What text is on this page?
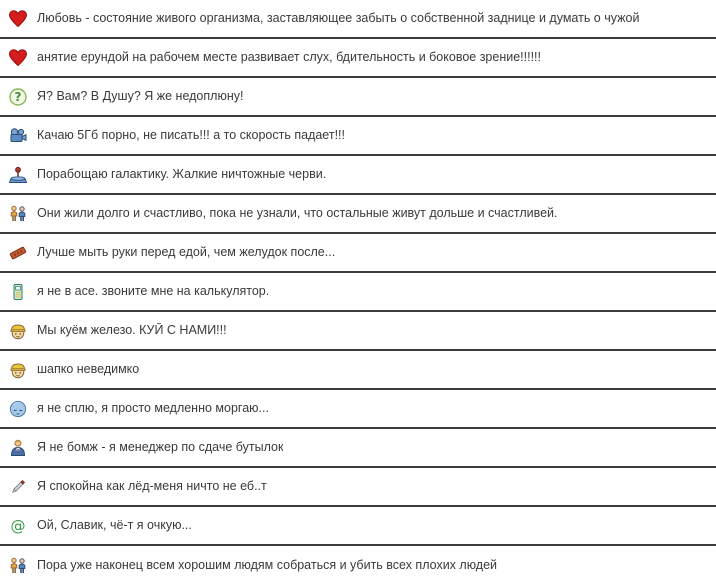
Любовь - состояние живого организма, заставляющее забыть о собственной заднице и думать о чужой
анятие ерундой на рабочем месте развивает слух, бдительность и боковое зрение!!!!!!
? Я? Вам? В Душу? Я же недоплюну!
Качаю 5Гб порно, не писать!!! а то скорость падает!!!
Порабощаю галактику. Жалкие ничтожные черви.
Они жили долго и счастливо, пока не узнали, что остальные живут дольше и счастливей.
Лучше мыть руки перед едой, чем желудок после...
я не в асе. звоните мне на калькулятор.
Мы куём железо. КУЙ С НАМИ!!!
шапко неведимко
я не сплю, я просто медленно моргаю...
Я не бомж - я менеджер по сдаче бутылок
Я спокойна как лёд-меня ничто не еб..т
@ Ой, Славик, чё-т я очкую...
Пора уже наконец всем хорошим людям собраться и убить всех плохих людей
